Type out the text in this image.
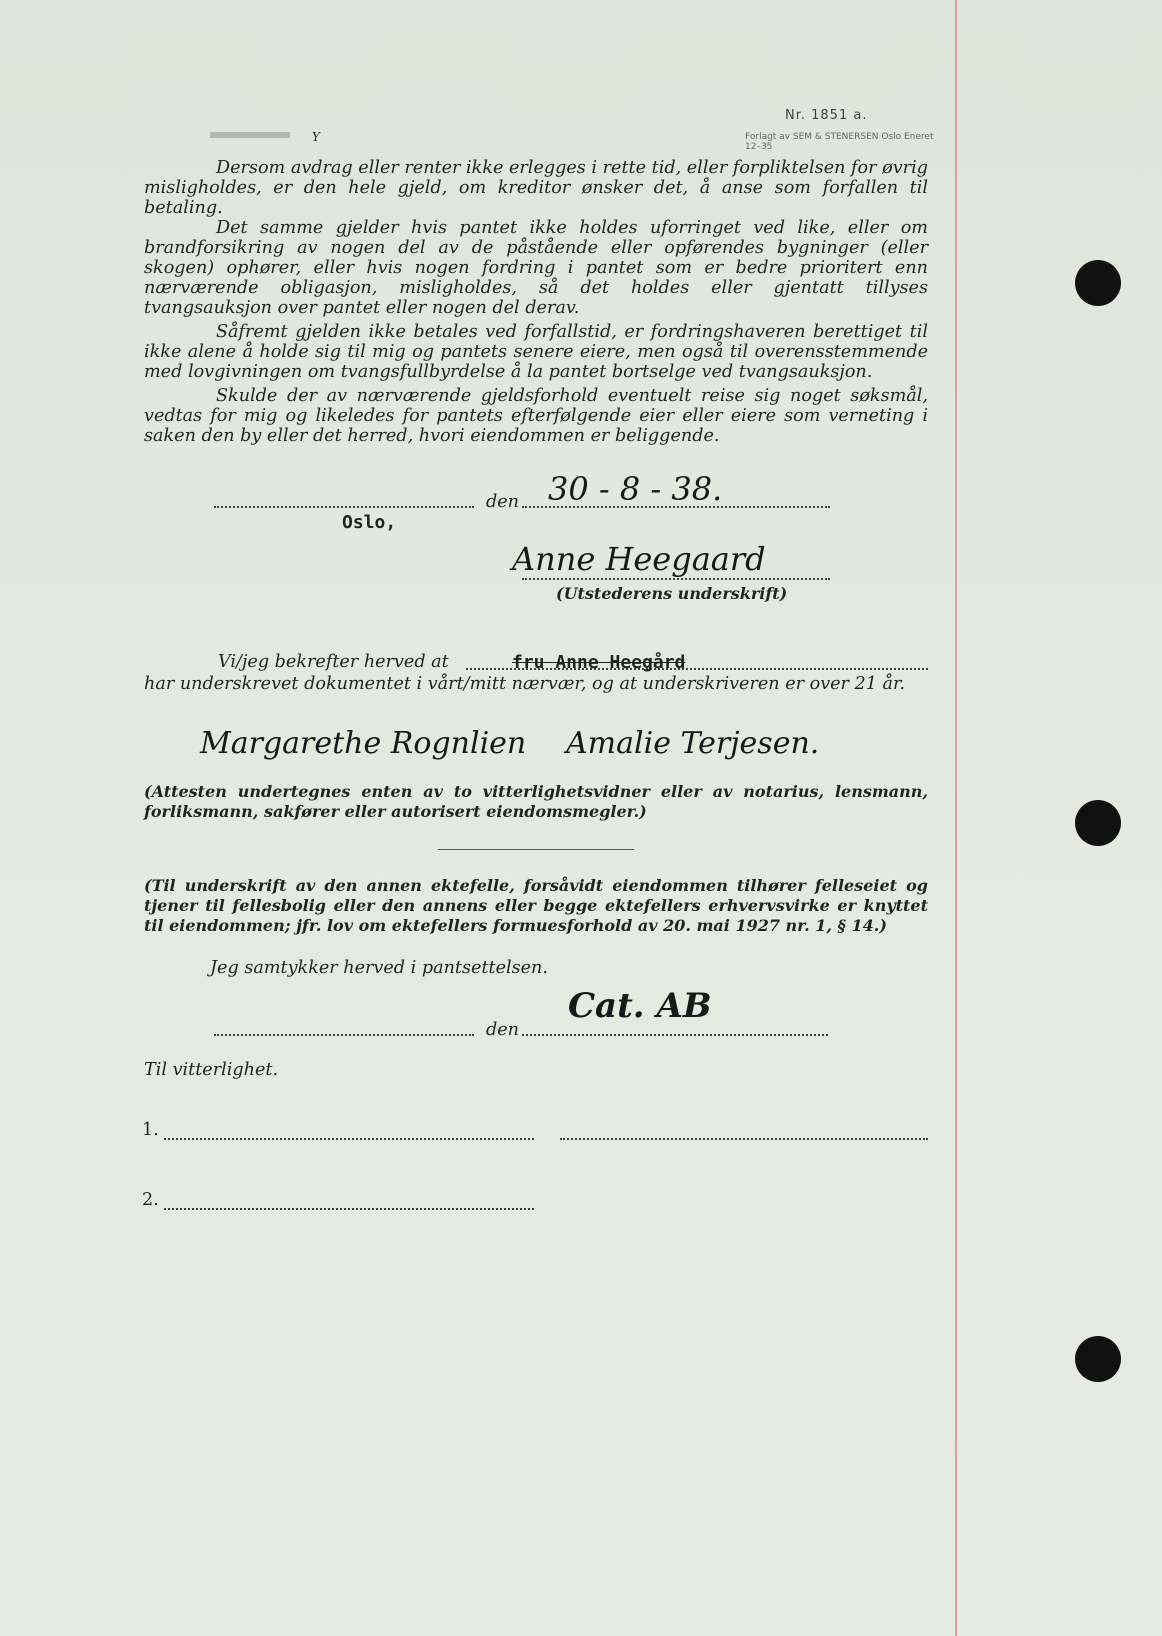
Nr. 1851 a.
Forlagt av SEM & STENERSEN Oslo Eneret 12–35
Y

Dersom avdrag eller renter ikke erlegges i rette tid, eller forpliktelsen for øvrig misligholdes, er den hele gjeld, om kreditor ønsker det, å anse som forfallen til betaling.

Det samme gjelder hvis pantet ikke holdes uforringet ved like, eller om brandforsikring av nogen del av de påstående eller opførendes bygninger (eller skogen) ophører, eller hvis nogen fordring i pantet som er bedre prioritert enn nærværende obligasjon, misligholdes, så det holdes eller gjentatt tillyses tvangsauksjon over pantet eller nogen del derav.

Såfremt gjelden ikke betales ved forfallstid, er fordringshaveren berettiget til ikke alene å holde sig til mig og pantets senere eiere, men også til overensstemmende med lovgivningen om tvangsfullbyrdelse å la pantet bortselge ved tvangsauksjon.

Skulde der av nærværende gjeldsforhold eventuelt reise sig noget søksmål, vedtas for mig og likeledes for pantets efterfølgende eier eller eiere som verneting i saken den by eller det herred, hvori eiendommen er beliggende.

den 30 - 8 - 38.
Oslo,
Anne Heegaard
(Utstederens underskrift)
Vi/jeg bekrefter herved at	fru Anne Heegård
har underskrevet dokumentet i vårt/mitt nærvær, og at underskriveren er over 21 år.
Margarethe Rognlien Amalie Terjesen.

(Attesten undertegnes enten av to vitterlighetsvidner eller av notarius, lensmann, forliksmann, sakfører eller autorisert eiendomsmegler.)

(Til underskrift av den annen ektefelle, forsåvidt eiendommen tilhører felleseiet og tjener til fellesbolig eller den annens eller begge ektefellers erhvervsvirke er knyttet til eiendommen; jfr. lov om ektefellers formuesforhold av 20. mai 1927 nr. 1, § 14.)

Jeg samtykker herved i pantsettelsen.
den
Cat. AB
Til vitterlighet.
1.
2.
